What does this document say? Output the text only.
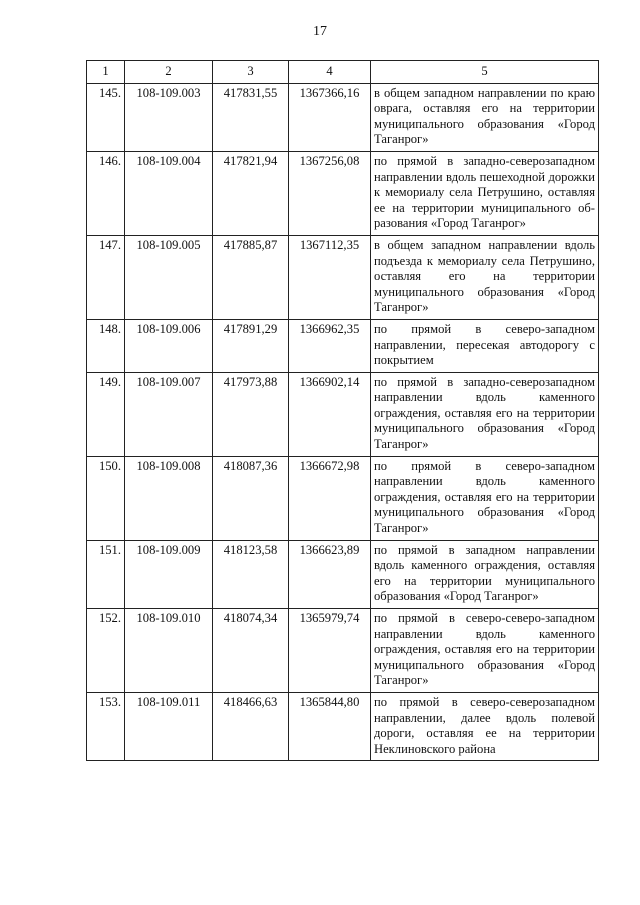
17
1	2	3	4	5
145.	108-109.003	417831,55	1367366,16	в общем западном направлении по краю оврага, оставляя его на территории муниципального образования «Город Таганрог»
146.	108-109.004	417821,94	1367256,08	по прямой в западно-северозападном направлении вдоль пешеходной дорожки к мемориалу села Петрушино, оставляя ее на территории муниципального образования «Город Таганрог»
147.	108-109.005	417885,87	1367112,35	в общем западном направлении вдоль подъезда к мемориалу села Петрушино, оставляя его на территории муниципального образования «Город Таганрог»
148.	108-109.006	417891,29	1366962,35	по прямой в северо-западном направлении, пересекая автодорогу с покрытием
149.	108-109.007	417973,88	1366902,14	по прямой в западно-северозападном направлении вдоль каменного ограждения, оставляя его на территории муниципального образования «Город Таганрог»
150.	108-109.008	418087,36	1366672,98	по прямой в северо-западном направлении вдоль каменного ограждения, оставляя его на территории муниципального образования «Город Таганрог»
151.	108-109.009	418123,58	1366623,89	по прямой в западном направлении вдоль каменного ограждения, оставляя его на территории муниципального образования «Город Таганрог»
152.	108-109.010	418074,34	1365979,74	по прямой в северо-северо-западном направлении вдоль каменного ограждения, оставляя его на территории муниципального образования «Город Таганрог»
153.	108-109.011	418466,63	1365844,80	по прямой в северо-северозападном направлении, далее вдоль полевой дороги, оставляя ее на территории Неклиновского района
